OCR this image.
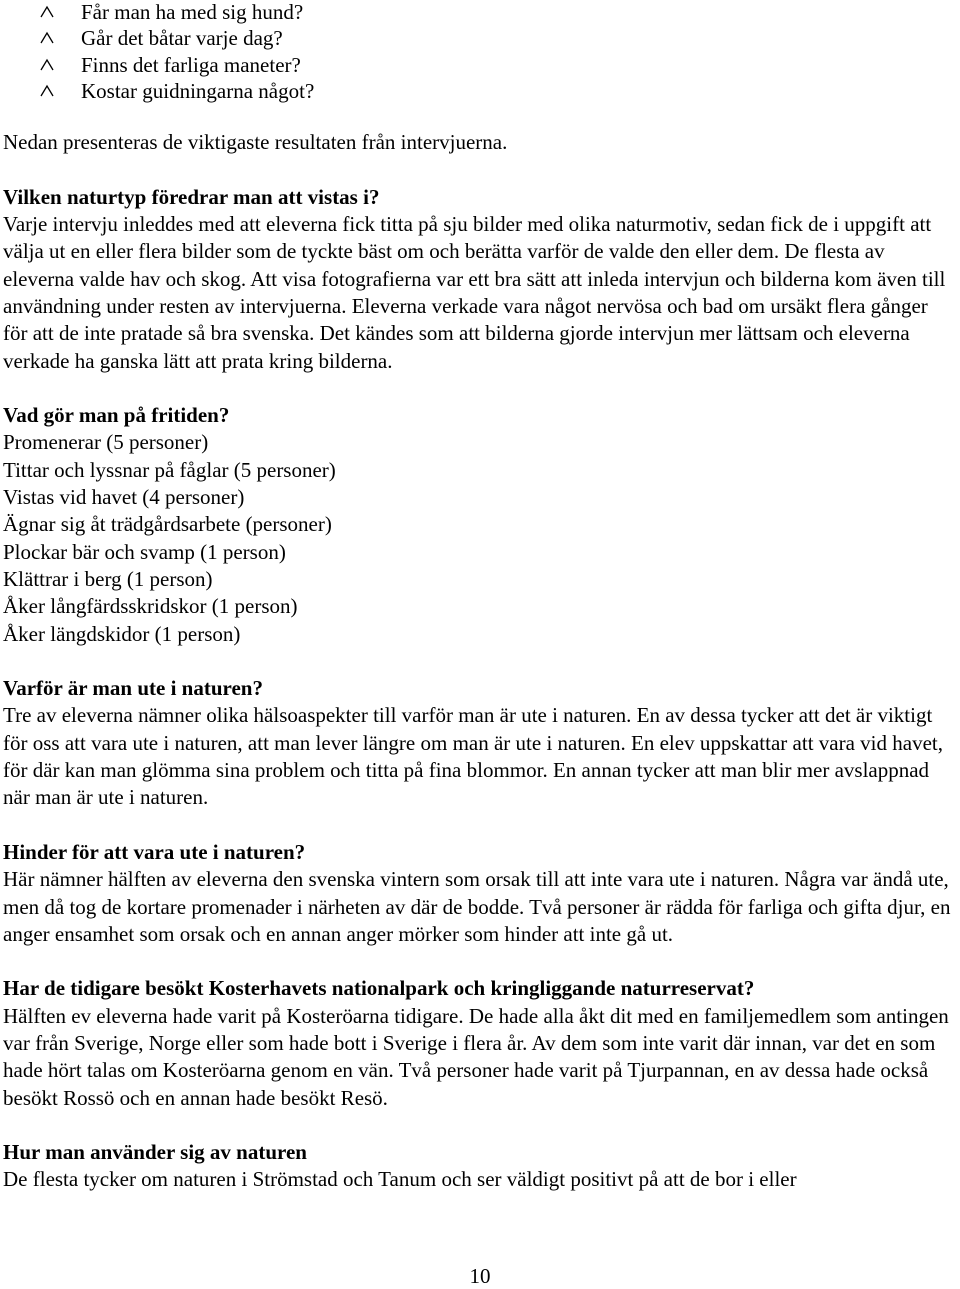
Får man ha med sig hund?
Går det båtar varje dag?
Finns det farliga maneter?
Kostar guidningarna något?

Nedan presenteras de viktigaste resultaten från intervjuerna.

Vilken naturtyp föredrar man att vistas i?

Varje intervju inleddes med att eleverna fick titta på sju bilder med olika naturmotiv, sedan fick de i uppgift att välja ut en eller flera bilder som de tyckte bäst om och berätta varför de valde den eller dem. De flesta av eleverna valde hav och skog. Att visa fotografierna var ett bra sätt att inleda intervjun och bilderna kom även till användning under resten av intervjuerna. Eleverna verkade vara något nervösa och bad om ursäkt flera gånger för att de inte pratade så bra svenska. Det kändes som att bilderna gjorde intervjun mer lättsam och eleverna verkade ha ganska lätt att prata kring bilderna.

Vad gör man på fritiden?
Promenerar (5 personer)
Tittar och lyssnar på fåglar (5 personer)
Vistas vid havet (4 personer)
Ägnar sig åt trädgårdsarbete (personer)
Plockar bär och svamp (1 person)
Klättrar i berg (1 person)
Åker långfärdsskridskor (1 person)
Åker längdskidor (1 person)
Varför är man ute i naturen?

Tre av eleverna nämner olika hälsoaspekter till varför man är ute i naturen. En av dessa tycker att det är viktigt för oss att vara ute i naturen, att man lever längre om man är ute i naturen. En elev uppskattar att vara vid havet, för där kan man glömma sina problem och titta på fina blommor. En annan tycker att man blir mer avslappnad när man är ute i naturen.

Hinder för att vara ute i naturen?

Här nämner hälften av eleverna den svenska vintern som orsak till att inte vara ute i naturen. Några var ändå ute, men då tog de kortare promenader i närheten av där de bodde. Två personer är rädda för farliga och gifta djur, en anger ensamhet som orsak och en annan anger mörker som hinder att inte gå ut.

Har de tidigare besökt Kosterhavets nationalpark och kringliggande naturreservat?

Hälften ev eleverna hade varit på Kosteröarna tidigare. De hade alla åkt dit med en familjemedlem som antingen var från Sverige, Norge eller som hade bott i Sverige i flera år. Av dem som inte varit där innan, var det en som hade hört talas om Kosteröarna genom en vän. Två personer hade varit på Tjurpannan, en av dessa hade också besökt Rossö och en annan hade besökt Resö.

Hur man använder sig av naturen

De flesta tycker om naturen i Strömstad och Tanum och ser väldigt positivt på att de bor i eller

10
